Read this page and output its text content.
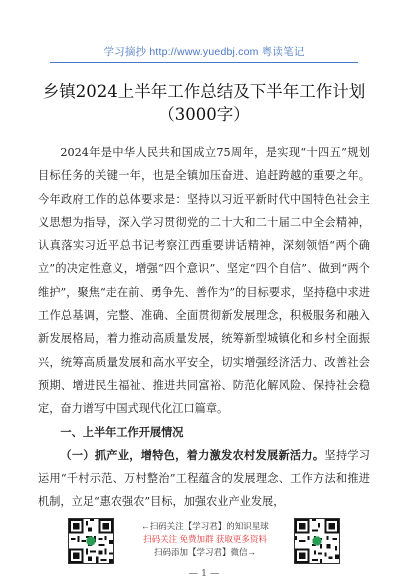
学习摘抄 http://www.yuedbj.com 粤读笔记
乡镇2024上半年工作总结及下半年工作计划
（3000字）

2024年是中华人民共和国成立75周年，是实现“十四五”规划目标任务的关键一年，也是全镇加压奋进、追赶跨越的重要之年。今年政府工作的总体要求是：坚持以习近平新时代中国特色社会主义思想为指导，深入学习贯彻党的二十大和二十届二中全会精神，认真落实习近平总书记考察江西重要讲话精神，深刻领悟“两个确立”的决定性意义，增强“四个意识”、坚定“四个自信”、做到“两个维护”，聚焦“走在前、勇争先、善作为”的目标要求，坚持稳中求进工作总基调，完整、准确、全面贯彻新发展理念，积极服务和融入新发展格局，着力推动高质量发展，统筹新型城镇化和乡村全面振兴，统筹高质量发展和高水平安全，切实增强经济活力、改善社会预期、增进民生福祉、推进共同富裕、防范化解风险、保持社会稳定，奋力谱写中国式现代化江口篇章。

一、上半年工作开展情况

（一）抓产业，增特色，着力激发农村发展新活力。坚持学习运用“千村示范、万村整治”工程蕴含的发展理念、工作方法和推进机制，立足“惠农强农”目标，加强农业产业发展，

←扫码关注【学习君】的知识星球
扫码关注 免费加群 获取更多资料
扫码添加【学习君】微信→
— 1 —
